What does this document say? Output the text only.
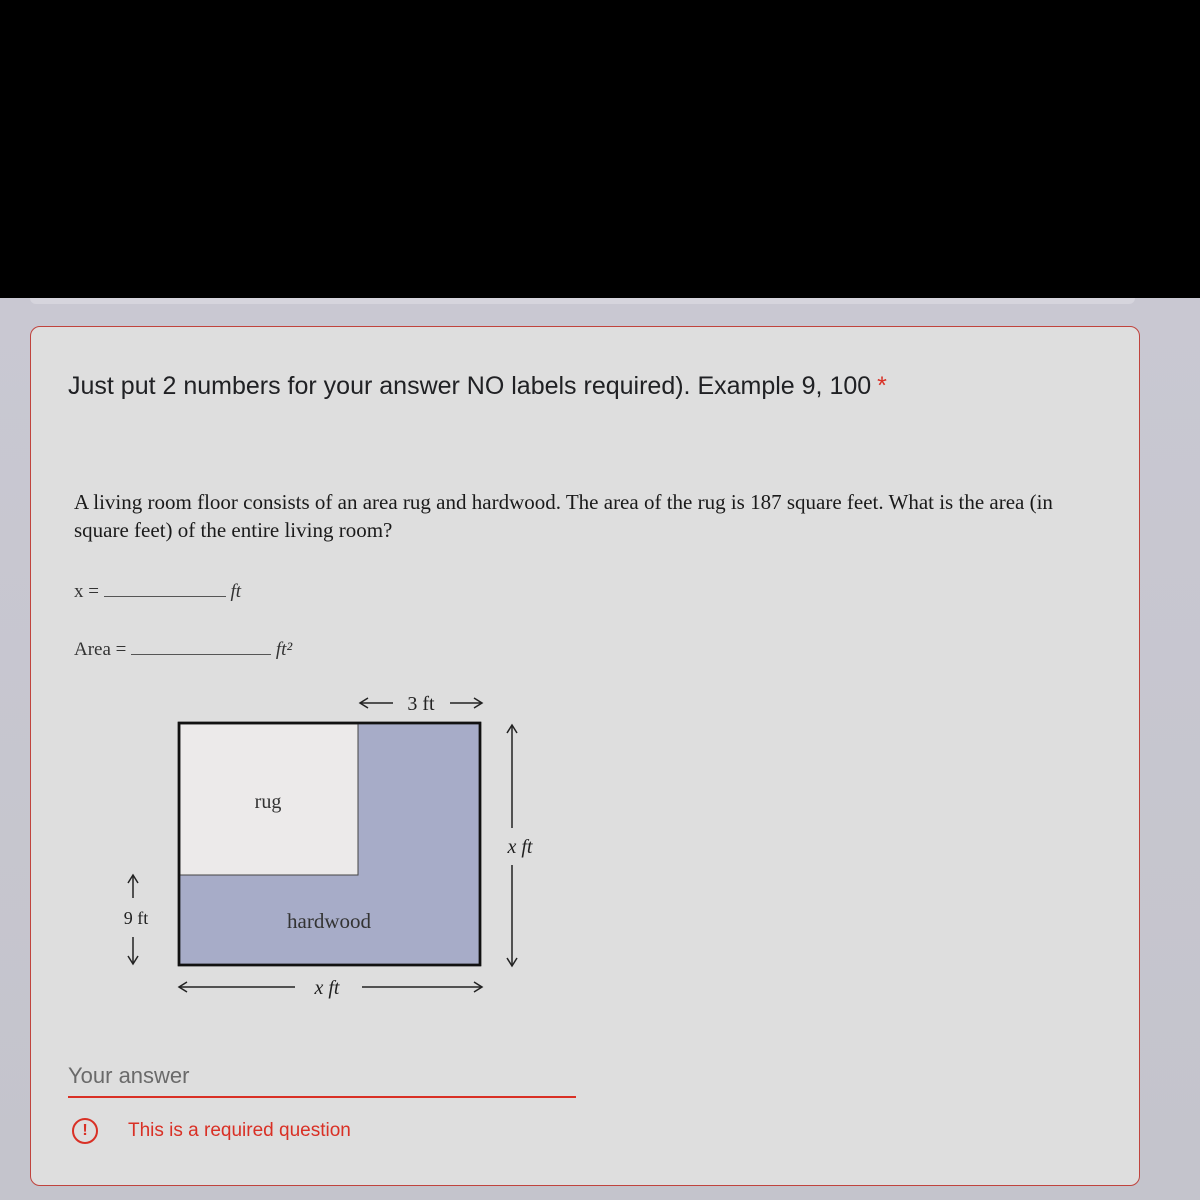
Just put 2 numbers for your answer NO labels required). Example 9, 100 *
A living room floor consists of an area rug and hardwood. The area of the rug is 187 square feet. What is the area (in square feet) of the entire living room?
x =	ft
Area =	ft²
rug
hardwood
3 ft
x ft
x ft
9 ft
Your answer
!	This is a required question
